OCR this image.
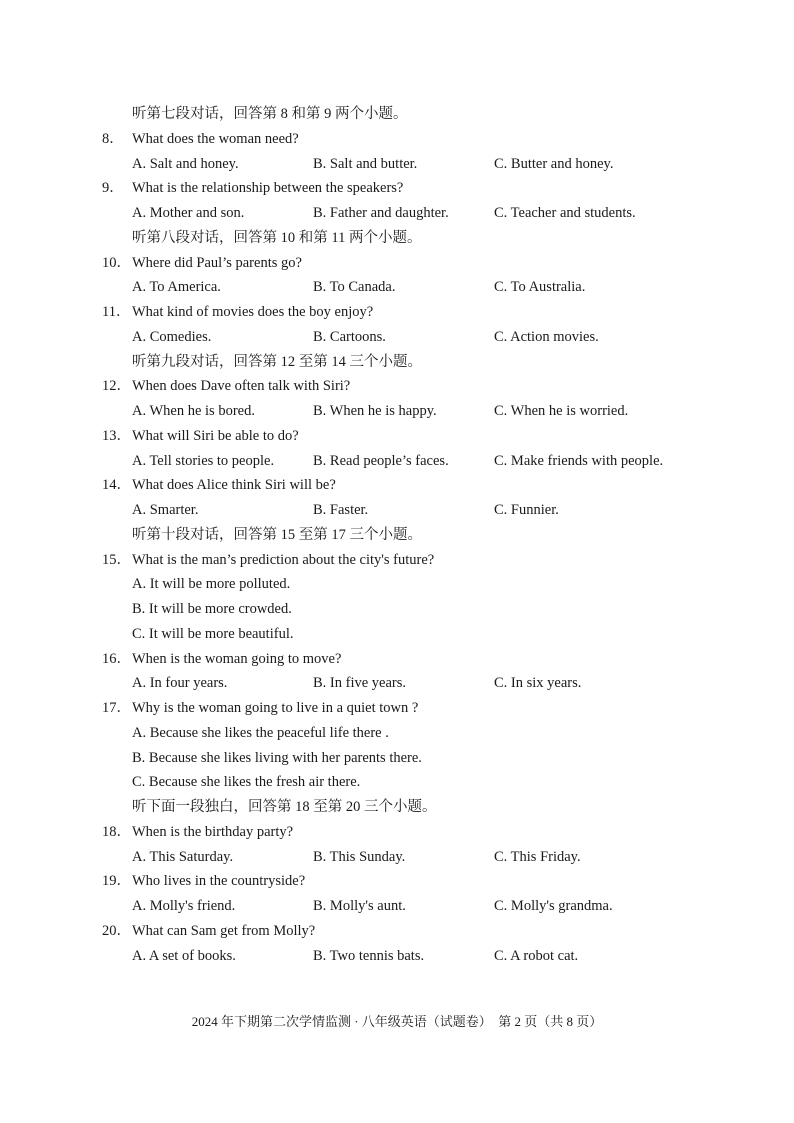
听第七段对话，回答第 8 和第 9 两个小题。
8． What does the woman need?
A. Salt and honey.	B. Salt and butter.	C. Butter and honey.
9． What is the relationship between the speakers?
A. Mother and son.	B. Father and daughter.	C. Teacher and students.
听第八段对话，回答第 10 和第 11 两个小题。
10． Where did Paul’s parents go?
A. To America.	B. To Canada.	C. To Australia.
11． What kind of movies does the boy enjoy?
A. Comedies.	B. Cartoons.	C. Action movies.
听第九段对话，回答第 12 至第 14 三个小题。
12． When does Dave often talk with Siri?
A. When he is bored.	B. When he is happy.	C. When he is worried.
13． What will Siri be able to do?
A. Tell stories to people.	B. Read people’s faces.	C. Make friends with people.
14． What does Alice think Siri will be?
A. Smarter.	B. Faster.	C. Funnier.
听第十段对话，回答第 15 至第 17 三个小题。
15． What is the man’s prediction about the city's future?
A. It will be more polluted.
B. It will be more crowded.
C. It will be more beautiful.
16． When is the woman going to move?
A. In four years.	B. In five years.	C. In six years.
17． Why is the woman going to live in a quiet town ?
A. Because she likes the peaceful life there .
B. Because she likes living with her parents there.
C. Because she likes the fresh air there.
听下面一段独白，回答第 18 至第 20 三个小题。
18． When is the birthday party?
A. This Saturday.	B. This Sunday.	C. This Friday.
19． Who lives in the countryside?
A. Molly's friend.	B. Molly's aunt.	C. Molly's grandma.
20． What can Sam get from Molly?
A. A set of books.	B. Two tennis bats.	C. A robot cat.
2024 年下期第二次学情监测 · 八年级英语（试题卷）　第 2 页（共 8 页）
